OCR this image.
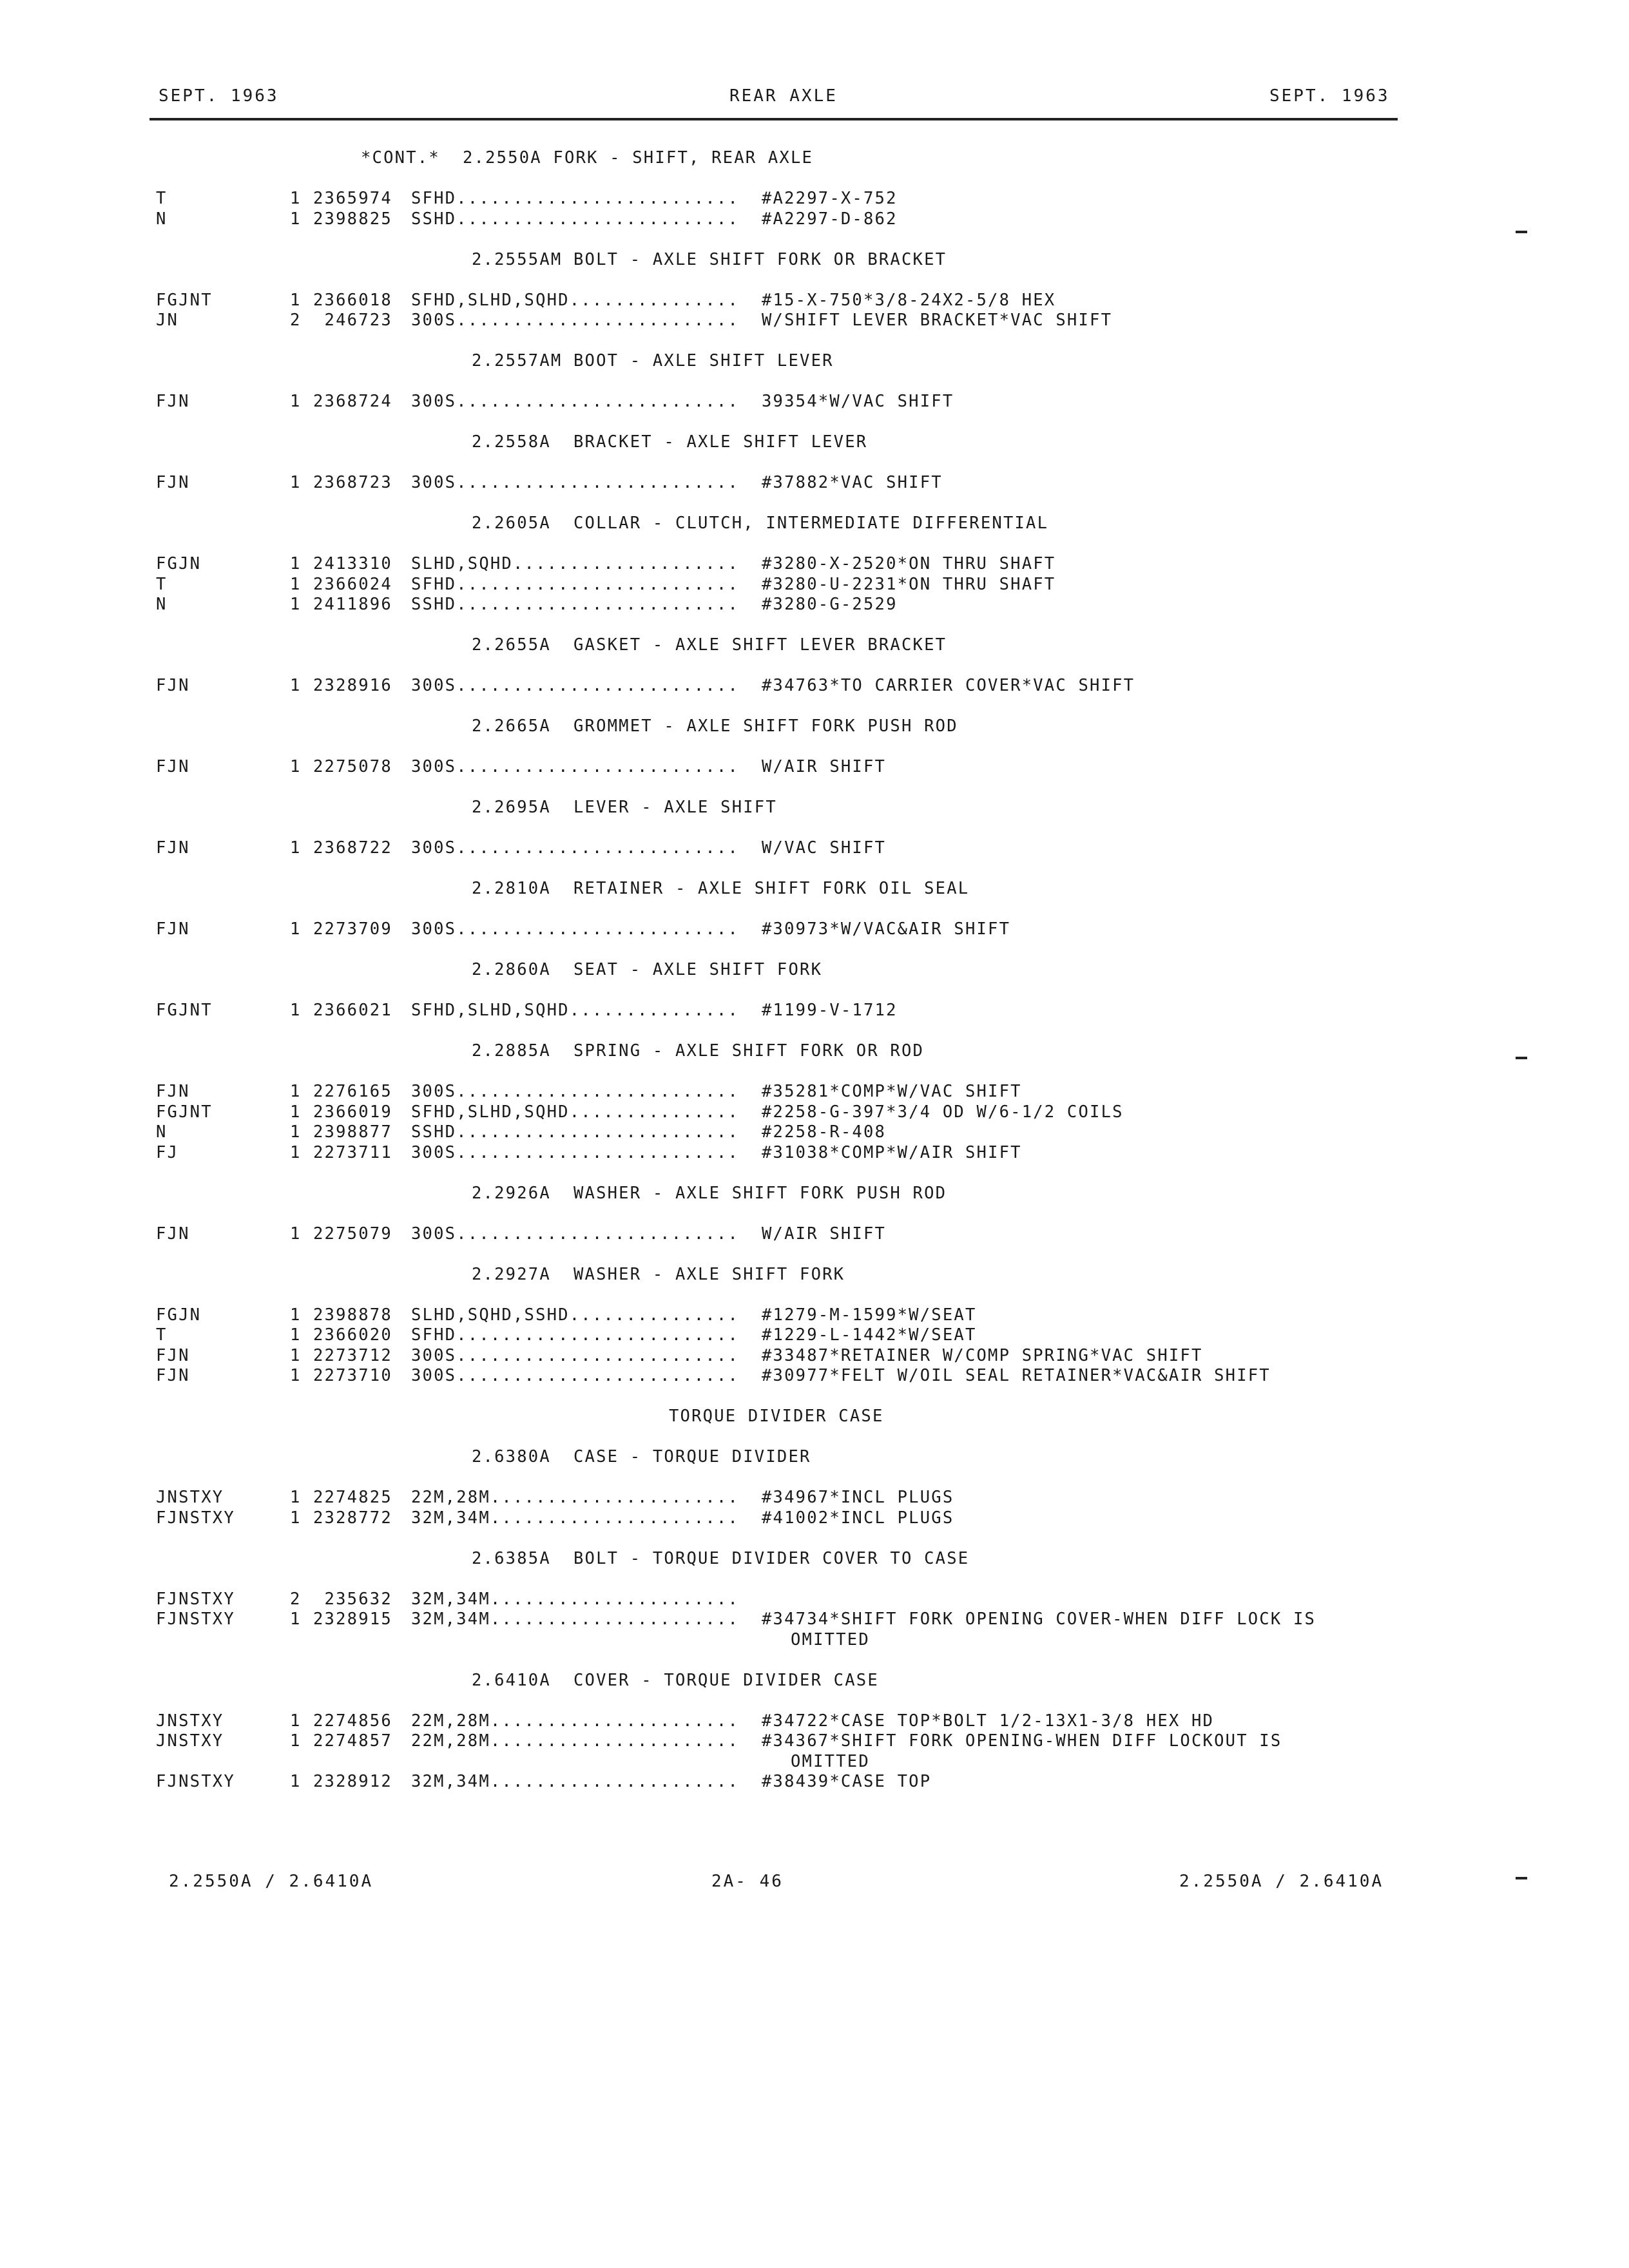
SEPT. 1963	REAR AXLE	SEPT. 1963
*CONT.*  2.2550A FORK - SHIFT, REAR AXLE
T	1 2365974 SFHD......................... #A2297-X-752
N	1 2398825 SSHD......................... #A2297-D-862
2.2555AM BOLT - AXLE SHIFT FORK OR BRACKET
FGJNT	1 2366018 SFHD,SLHD,SQHD............... #15-X-750*3/8-24X2-5/8 HEX
JN	2 246723 300S......................... W/SHIFT LEVER BRACKET*VAC SHIFT
2.2557AM BOOT - AXLE SHIFT LEVER
FJN	1 2368724 300S......................... 39354*W/VAC SHIFT
2.2558A  BRACKET - AXLE SHIFT LEVER
FJN	1 2368723 300S......................... #37882*VAC SHIFT
2.2605A  COLLAR - CLUTCH, INTERMEDIATE DIFFERENTIAL
FGJN	1 2413310 SLHD,SQHD.................... #3280-X-2520*ON THRU SHAFT
T	1 2366024 SFHD......................... #3280-U-2231*ON THRU SHAFT
N	1 2411896 SSHD......................... #3280-G-2529
2.2655A  GASKET - AXLE SHIFT LEVER BRACKET
FJN	1 2328916 300S......................... #34763*TO CARRIER COVER*VAC SHIFT
2.2665A  GROMMET - AXLE SHIFT FORK PUSH ROD
FJN	1 2275078 300S......................... W/AIR SHIFT
2.2695A  LEVER - AXLE SHIFT
FJN	1 2368722 300S......................... W/VAC SHIFT
2.2810A  RETAINER - AXLE SHIFT FORK OIL SEAL
FJN	1 2273709 300S......................... #30973*W/VAC&AIR SHIFT
2.2860A  SEAT - AXLE SHIFT FORK
FGJNT	1 2366021 SFHD,SLHD,SQHD............... #1199-V-1712
2.2885A  SPRING - AXLE SHIFT FORK OR ROD
FJN	1 2276165 300S......................... #35281*COMP*W/VAC SHIFT
FGJNT	1 2366019 SFHD,SLHD,SQHD............... #2258-G-397*3/4 OD W/6-1/2 COILS
N	1 2398877 SSHD......................... #2258-R-408
FJ	1 2273711 300S......................... #31038*COMP*W/AIR SHIFT
2.2926A  WASHER - AXLE SHIFT FORK PUSH ROD
FJN	1 2275079 300S......................... W/AIR SHIFT
2.2927A  WASHER - AXLE SHIFT FORK
FGJN	1 2398878 SLHD,SQHD,SSHD............... #1279-M-1599*W/SEAT
T	1 2366020 SFHD......................... #1229-L-1442*W/SEAT
FJN	1 2273712 300S......................... #33487*RETAINER W/COMP SPRING*VAC SHIFT
FJN	1 2273710 300S......................... #30977*FELT W/OIL SEAL RETAINER*VAC&AIR SHIFT
TORQUE DIVIDER CASE
2.6380A  CASE - TORQUE DIVIDER
JNSTXY	1 2274825 22M,28M...................... #34967*INCL PLUGS
FJNSTXY	1 2328772 32M,34M...................... #41002*INCL PLUGS
2.6385A  BOLT - TORQUE DIVIDER COVER TO CASE
FJNSTXY	2 235632 32M,34M......................
FJNSTXY	1 2328915 32M,34M...................... #34734*SHIFT FORK OPENING COVER-WHEN DIFF LOCK IS
OMITTED
2.6410A  COVER - TORQUE DIVIDER CASE
JNSTXY	1 2274856 22M,28M...................... #34722*CASE TOP*BOLT 1/2-13X1-3/8 HEX HD
JNSTXY	1 2274857 22M,28M...................... #34367*SHIFT FORK OPENING-WHEN DIFF LOCKOUT IS
OMITTED
FJNSTXY	1 2328912 32M,34M...................... #38439*CASE TOP
2.2550A / 2.6410A	2A- 46	2.2550A / 2.6410A
